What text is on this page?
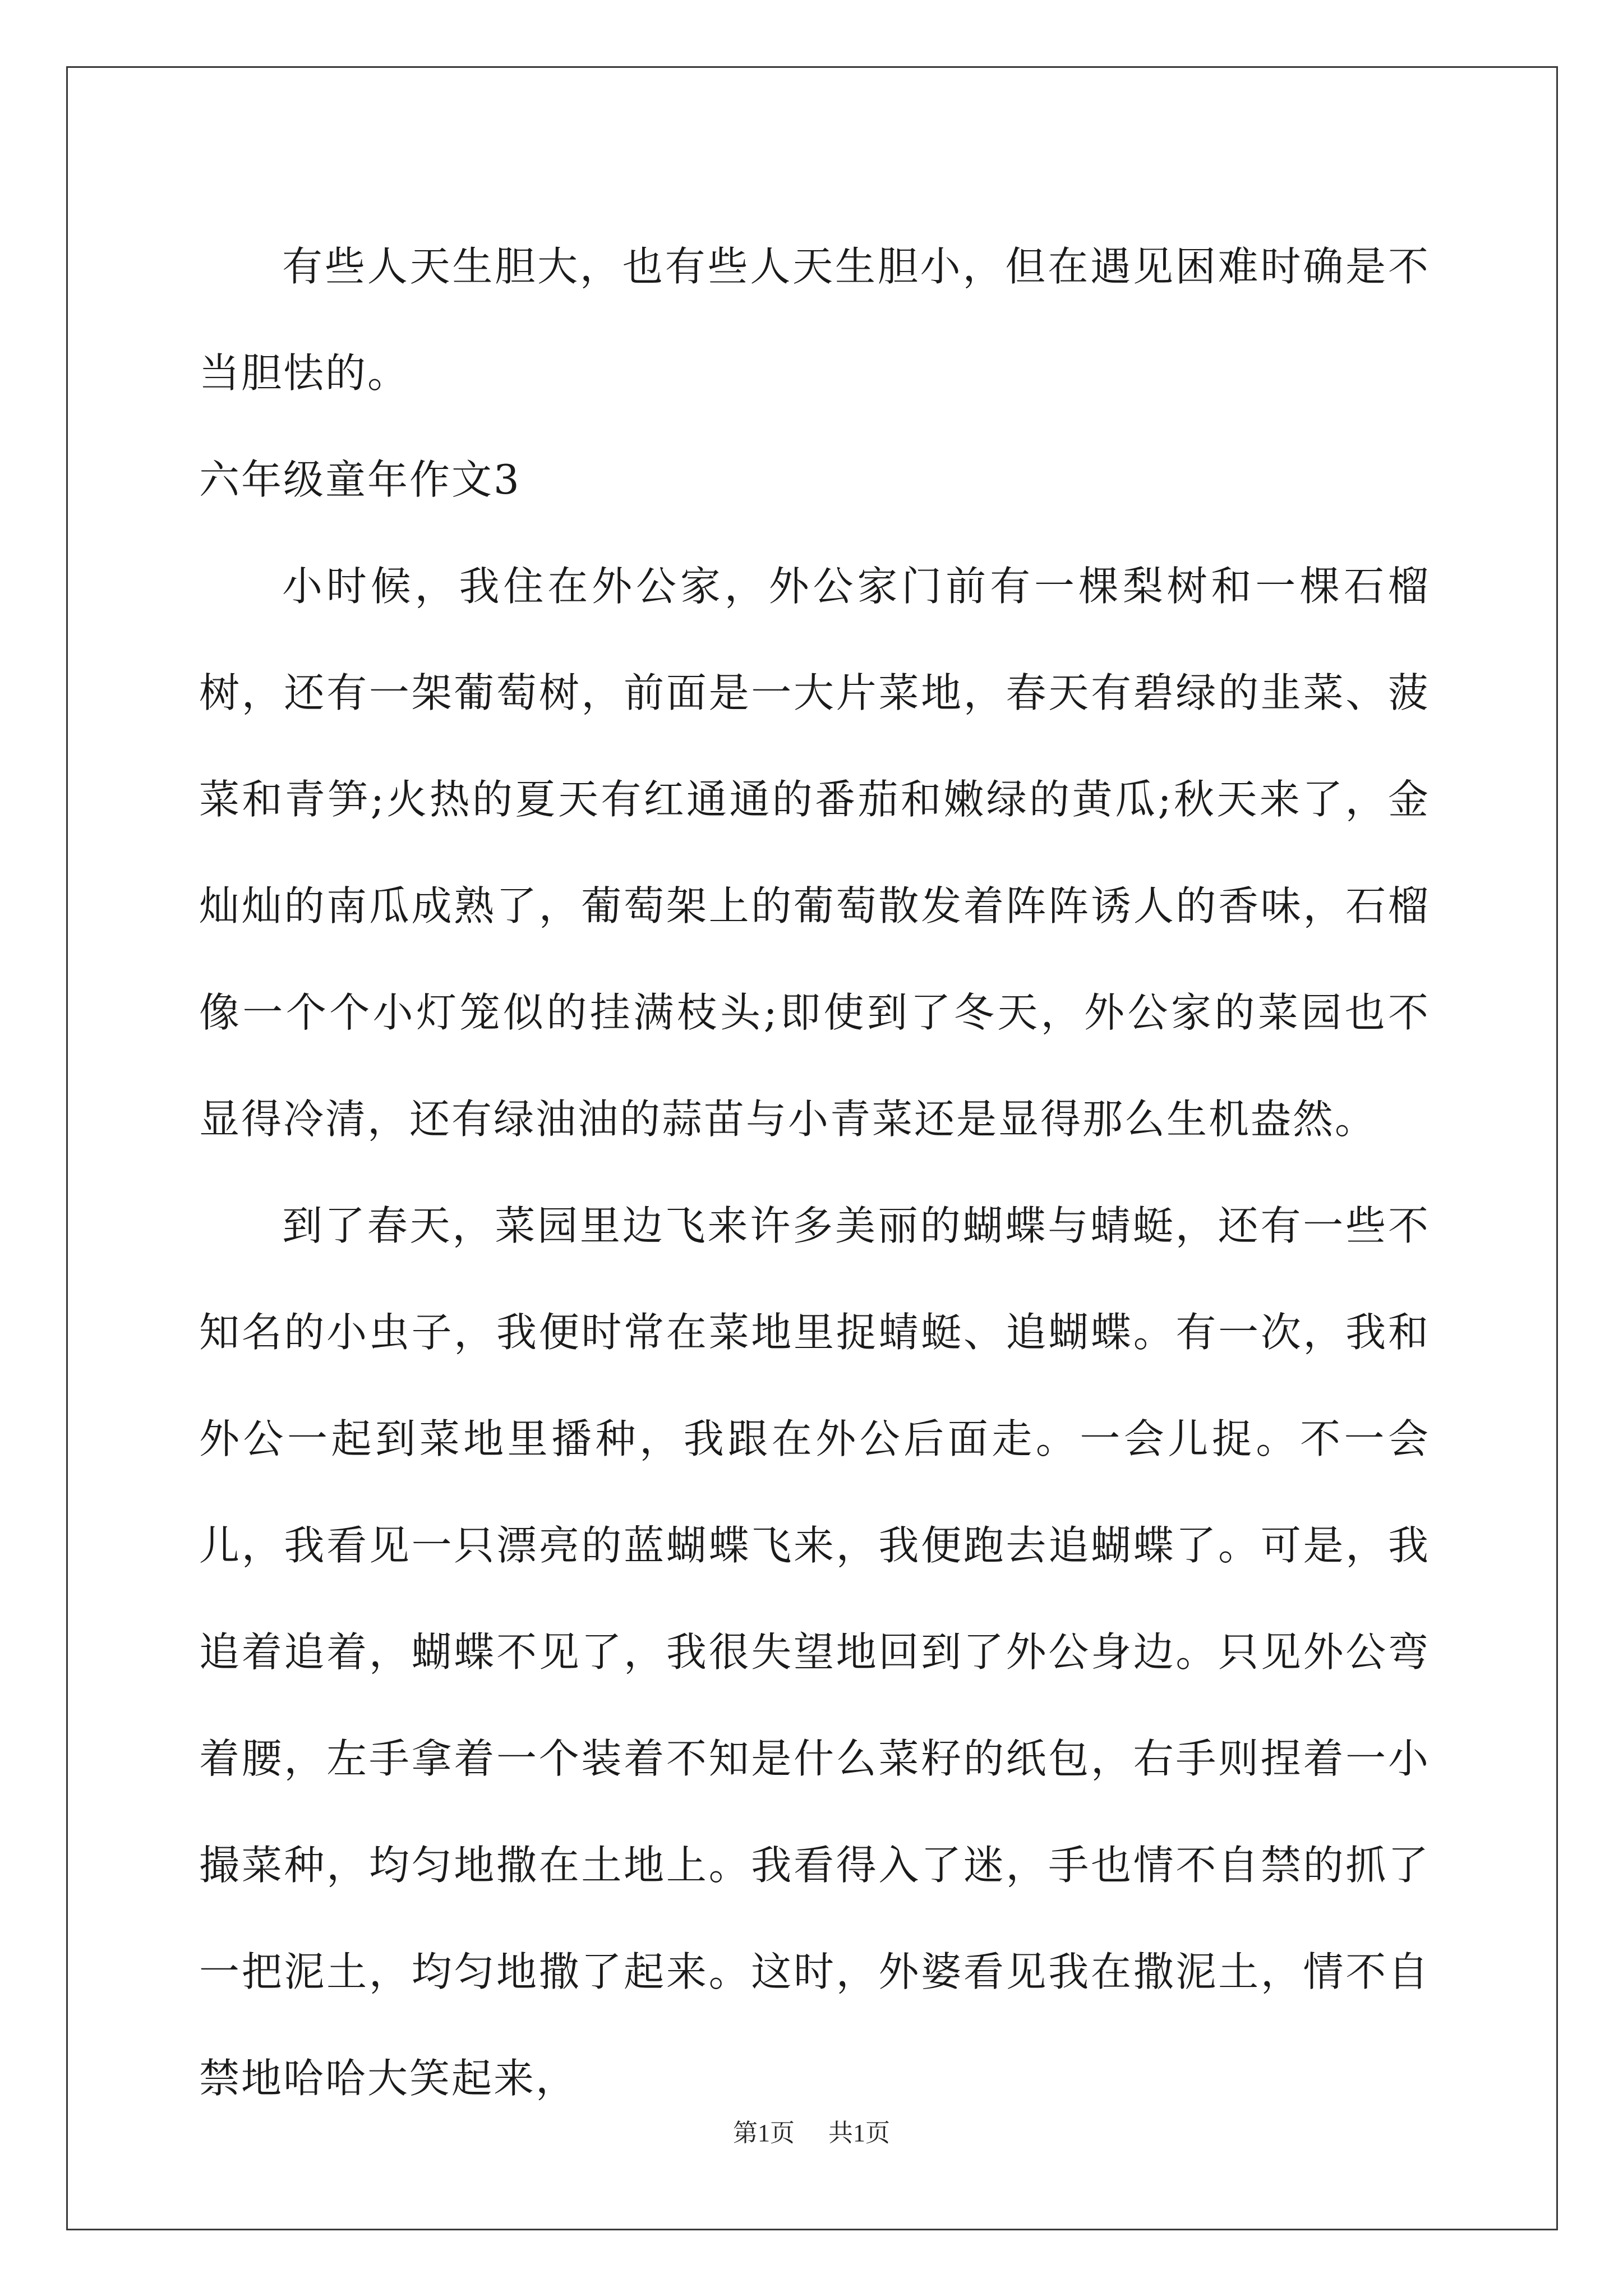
有些人天生胆大，也有些人天生胆小，但在遇见困难时确是不当胆怯的。

六年级童年作文3

小时候，我住在外公家，外公家门前有一棵梨树和一棵石榴树，还有一架葡萄树，前面是一大片菜地，春天有碧绿的韭菜、菠菜和青笋;火热的夏天有红通通的番茄和嫩绿的黄瓜;秋天来了，金灿灿的南瓜成熟了，葡萄架上的葡萄散发着阵阵诱人的香味，石榴像一个个小灯笼似的挂满枝头;即使到了冬天，外公家的菜园也不显得冷清，还有绿油油的蒜苗与小青菜还是显得那么生机盎然。

到了春天，菜园里边飞来许多美丽的蝴蝶与蜻蜓，还有一些不知名的小虫子，我便时常在菜地里捉蜻蜓、追蝴蝶。有一次，我和外公一起到菜地里播种，我跟在外公后面走。一会儿捉。不一会儿，我看见一只漂亮的蓝蝴蝶飞来，我便跑去追蝴蝶了。可是，我追着追着，蝴蝶不见了，我很失望地回到了外公身边。只见外公弯着腰，左手拿着一个装着不知是什么菜籽的纸包，右手则捏着一小撮菜种，均匀地撒在土地上。我看得入了迷，手也情不自禁的抓了一把泥土，均匀地撒了起来。这时，外婆看见我在撒泥土，情不自禁地哈哈大笑起来，

第1页 共1页
